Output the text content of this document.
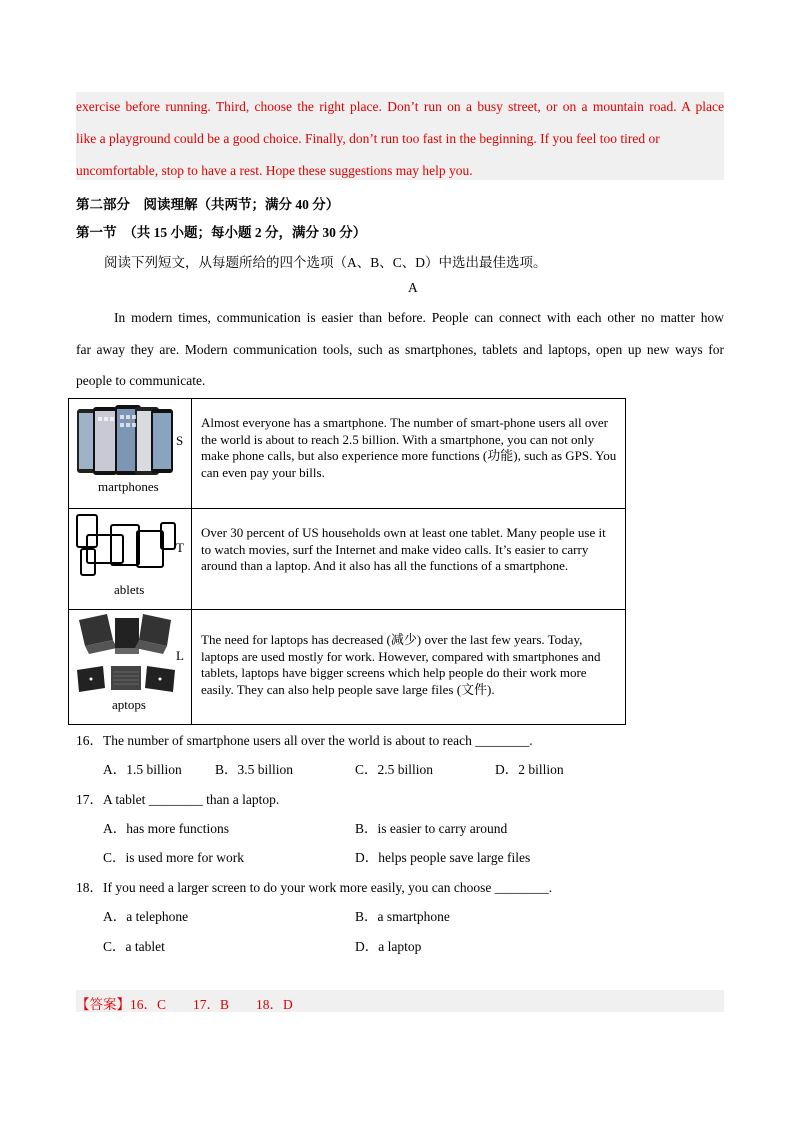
exercise before running. Third, choose the right place. Don’t run on a busy street, or on a mountain road. A place
like a playground could be a good choice. Finally, don’t run too fast in the beginning. If you feel too tired or
uncomfortable, stop to have a rest. Hope these suggestions may help you.
第二部分　阅读理解（共两节；满分 40 分）
第一节　（共 15 小题；每小题 2 分，满分 30 分）
阅读下列短文，从每题所给的四个选项（A、B、C、D）中选出最佳选项。
A
In modern times, communication is easier than before. People can connect with each other no matter how
far away they are. Modern communication tools, such as smartphones, tablets and laptops, open up new ways for
people to communicate.
S
martphones	Almost everyone has a smartphone. The number of smart-phone users all over the world is about to reach 2.5 billion. With a smartphone, you can not only make phone calls, but also experience more functions (功能), such as GPS. You can even pay your bills.

T
ablets	Over 30 percent of US households own at least one tablet. Many people use it to watch movies, surf the Internet and make video calls. It’s easier to carry around than a laptop. And it also has all the functions of a smartphone.

L
aptops	The need for laptops has decreased (减少) over the last few years. Today, laptops are used mostly for work. However, compared with smartphones and tablets, laptops have bigger screens which help people do their work more easily. They can also help people save large files (文件).
16．The number of smartphone users all over the world is about to reach ________.
A．1.5 billion B．3.5 billion	C．2.5 billion	D．2 billion
17．A tablet ________ than a laptop.
A．has more functions	B．is easier to carry around
C．is used more for work	D．helps people save large files
18．If you need a larger screen to do your work more easily, you can choose ________.
A．a telephone	B．a smartphone
C．a tablet	D．a laptop
【答案】16．C　　17．B　　18．D
